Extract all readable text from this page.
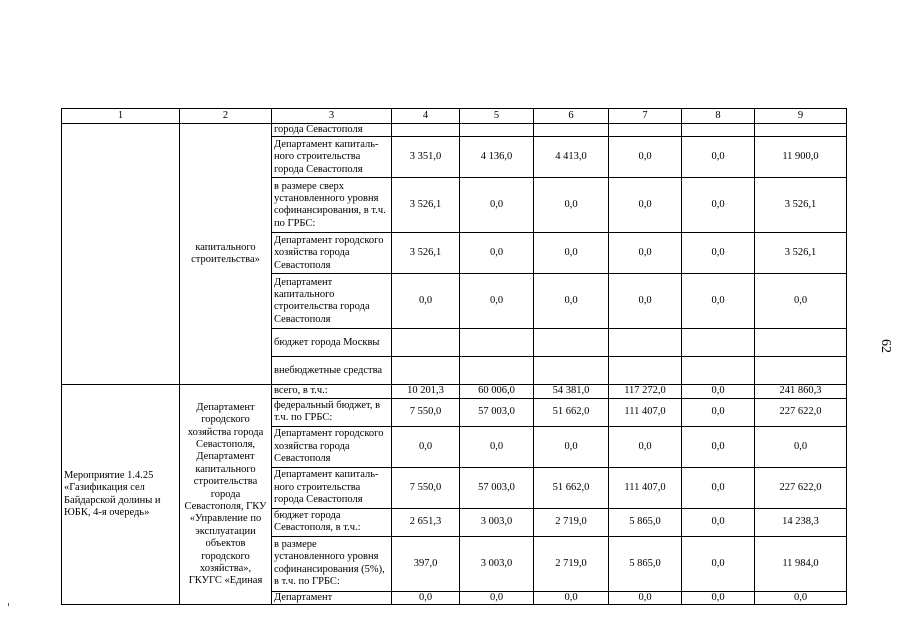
62
1	2	3	4	5	6	7	8	9
	капитального строительства»	города Севастополя						
		Департамент капиталь-ного строительства города Севастополя	3 351,0	4 136,0	4 413,0	0,0	0,0	11 900,0
		в размере сверх установленного уровня софинансирования, в т.ч. по ГРБС:	3 526,1	0,0	0,0	0,0	0,0	3 526,1
		Департамент городского хозяйства города Севастополя	3 526,1	0,0	0,0	0,0	0,0	3 526,1
		Департамент капитального строительства города Севастополя	0,0	0,0	0,0	0,0	0,0	0,0
		бюджет города Москвы						
		внебюджетные средства						
Мероприятие 1.4.25 «Газификация сел Байдарской долины и ЮБК, 4-я очередь»	Департамент городского хозяйства города Севастополя, Департамент капитального строительства города Севастополя, ГКУ «Управление по эксплуатации объектов городского хозяйства», ГКУГС «Единая	всего, в т.ч.:	10 201,3	60 006,0	54 381,0	117 272,0	0,0	241 860,3
		федеральный бюджет, в т.ч. по ГРБС:	7 550,0	57 003,0	51 662,0	111 407,0	0,0	227 622,0
		Департамент городского хозяйства города Севастополя	0,0	0,0	0,0	0,0	0,0	0,0
		Департамент капиталь-ного строительства города Севастополя	7 550,0	57 003,0	51 662,0	111 407,0	0,0	227 622,0
		бюджет города Севастополя, в т.ч.:	2 651,3	3 003,0	2 719,0	5 865,0	0,0	14 238,3
		в размере установленного уровня софинансирования (5%), в т.ч. по ГРБС:	397,0	3 003,0	2 719,0	5 865,0	0,0	11 984,0
		Департамент	0,0	0,0	0,0	0,0	0,0	0,0
